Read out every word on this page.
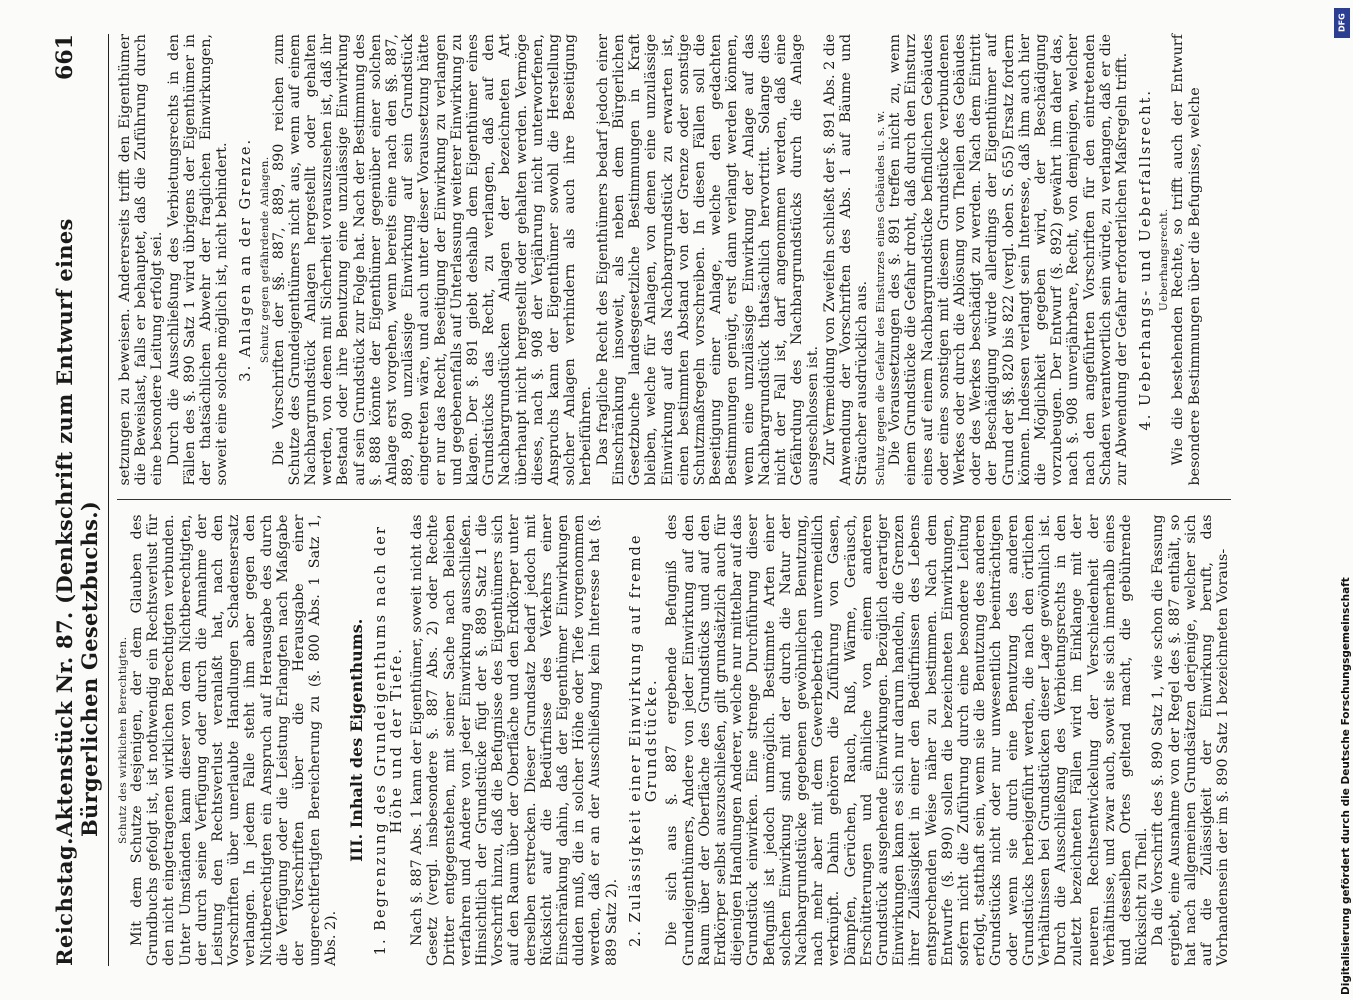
Reichstag.
Aktenstück Nr. 87. (Denkschrift zum Entwurf eines Bürgerlichen Gesetzbuchs.)
661
Schutz des wirklichen Berechtigten. Mit dem Schutze desjenigen, der dem Glauben des Grundbuchs gefolgt ist, ist nothwendig ein Rechtsverlust für den nicht eingetragenen wirklichen Berechtigten verbunden. Unter Umständen kann dieser von dem Nichtberechtigten, der durch seine Verfügung oder durch die Annahme der Leistung den Rechtsverlust veranlaßt hat, nach den Vorschriften über unerlaubte Handlungen Schadensersatz verlangen. In jedem Falle steht ihm aber gegen den Nichtberechtigten ein Anspruch auf Herausgabe des durch die Verfügung oder die Leistung Erlangten nach Maßgabe der Vorschriften über die Herausgabe einer ungerechtfertigten Bereicherung zu (§. 800 Abs. 1 Satz 1, Abs. 2).

III. Inhalt des Eigenthums. 1. Begrenzung des Grundeigenthums nach der Höhe und der Tiefe. Nach §. 887 Abs. 1 kann der Eigenthümer, soweit nicht das Gesetz (vergl. insbesondere §. 887 Abs. 2) oder Rechte Dritter entgegenstehen, mit seiner Sache nach Belieben verfahren und Andere von jeder Einwirkung ausschließen. Hinsichtlich der Grundstücke fügt der §. 889 Satz 1 die Vorschrift hinzu, daß die Befugnisse des Eigenthümers sich auf den Raum über der Oberfläche und den Erdkörper unter derselben erstrecken. Dieser Grundsatz bedarf jedoch mit Rücksicht auf die Bedürfnisse des Verkehrs einer Einschränkung dahin, daß der Eigenthümer Einwirkungen dulden muß, die in solcher Höhe oder Tiefe vorgenommen werden, daß er an der Ausschließung kein Interesse hat (§. 889 Satz 2). 2. Zulässigkeit einer Einwirkung auf fremde Grundstücke. Die sich aus §. 887 ergebende Befugniß des Grundeigenthümers, Andere von jeder Einwirkung auf den Raum über der Oberfläche des Grundstücks und auf den Erdkörper selbst auszuschließen, gilt grundsätzlich auch für diejenigen Handlungen Anderer, welche nur mittelbar auf das Grundstück einwirken. Eine strenge Durchführung dieser Befugniß ist jedoch unmöglich. Bestimmte Arten einer solchen Einwirkung sind mit der durch die Natur der Nachbargrundstücke gegebenen gewöhnlichen Benutzung, nach mehr aber mit dem Gewerbebetrieb unvermeidlich verknüpft. Dahin gehören die Zuführung von Gasen, Dämpfen, Gerüchen, Rauch, Ruß, Wärme, Geräusch, Erschütterungen und ähnliche von einem anderen Grundstück ausgehende Einwirkungen. Bezüglich derartiger Einwirkungen kann es sich nur darum handeln, die Grenzen ihrer Zulässigkeit in einer den Bedürfnissen des Lebens entsprechenden Weise näher zu bestimmen. Nach dem Entwurfe (§. 890) sollen die bezeichneten Einwirkungen, sofern nicht die Zuführung durch eine besondere Leitung erfolgt, statthaft sein, wenn sie die Benutzung des anderen Grundstücks nicht oder nur unwesentlich beeinträchtigen oder wenn sie durch eine Benutzung des anderen Grundstücks herbeigeführt werden, die nach den örtlichen Verhältnissen bei Grundstücken dieser Lage gewöhnlich ist. Durch die Ausschließung des Verbietungsrechts in den zuletzt bezeichneten Fällen wird im Einklange mit der neueren Rechtsentwickelung der Verschiedenheit der Verhältnisse, und zwar auch, soweit sie sich innerhalb eines und desselben Ortes geltend macht, die gebührende Rücksicht zu Theil. Da die Vorschrift des §. 890 Satz 1, wie schon die Fassung ergiebt, eine Ausnahme von der Regel des §. 887 enthält, so hat nach allgemeinen Grundsätzen derjenige, welcher sich auf die Zulässigkeit der Einwirkung beruft, das Vorhandensein der im §. 890 Satz 1 bezeichneten Voraus-

setzungen zu beweisen. Andererseits trifft den Eigenthümer die Beweislast, falls er behauptet, daß die Zuführung durch eine besondere Leitung erfolgt sei. Durch die Ausschließung des Verbietungsrechts in den Fällen des §. 890 Satz 1 wird übrigens der Eigenthümer in der thatsächlichen Abwehr der fraglichen Einwirkungen, soweit eine solche möglich ist, nicht behindert. 3. Anlagen an der Grenze. Schutz gegen gefährdende Anlagen. Die Vorschriften der §§. 887, 889, 890 reichen zum Schutze des Grundeigenthümers nicht aus, wenn auf einem Nachbargrundstück Anlagen hergestellt oder gehalten werden, von denen mit Sicherheit vorauszusehen ist, daß ihr Bestand oder ihre Benutzung eine unzulässige Einwirkung auf sein Grundstück zur Folge hat. Nach der Bestimmung des §. 888 könnte der Eigenthümer gegenüber einer solchen Anlage erst vorgehen, wenn bereits eine nach den §§. 887, 889, 890 unzulässige Einwirkung auf sein Grundstück eingetreten wäre, und auch unter dieser Voraussetzung hätte er nur das Recht, Beseitigung der Einwirkung zu verlangen und gegebenenfalls auf Unterlassung weiterer Einwirkung zu klagen. Der §. 891 giebt deshalb dem Eigenthümer eines Grundstücks das Recht, zu verlangen, daß auf den Nachbargrundstücken Anlagen der bezeichneten Art überhaupt nicht hergestellt oder gehalten werden. Vermöge dieses, nach §. 908 der Verjährung nicht unterworfenen, Anspruchs kann der Eigenthümer sowohl die Herstellung solcher Anlagen verhindern als auch ihre Beseitigung herbeiführen. Das fragliche Recht des Eigenthümers bedarf jedoch einer Einschränkung insoweit, als neben dem Bürgerlichen Gesetzbuche landesgesetzliche Bestimmungen in Kraft bleiben, welche für Anlagen, von denen eine unzulässige Einwirkung auf das Nachbargrundstück zu erwarten ist, einen bestimmten Abstand von der Grenze oder sonstige Schutzmaßregeln vorschreiben. In diesen Fällen soll die Beseitigung einer Anlage, welche den gedachten Bestimmungen genügt, erst dann verlangt werden können, wenn eine unzulässige Einwirkung der Anlage auf das Nachbargrundstück thatsächlich hervortritt. Solange dies nicht der Fall ist, darf angenommen werden, daß eine Gefährdung des Nachbargrundstücks durch die Anlage ausgeschlossen ist. Zur Vermeidung von Zweifeln schließt der §. 891 Abs. 2 die Anwendung der Vorschriften des Abs. 1 auf Bäume und Sträucher ausdrücklich aus. Schutz gegen die Gefahr des Einsturzes eines Gebäudes u. s. w. Die Voraussetzungen des §. 891 treffen nicht zu, wenn einem Grundstücke die Gefahr droht, daß durch den Einsturz eines auf einem Nachbargrundstücke befindlichen Gebäudes oder eines sonstigen mit diesem Grundstücke verbundenen Werkes oder durch die Ablösung von Theilen des Gebäudes oder des Werkes beschädigt zu werden. Nach dem Eintritt der Beschädigung würde allerdings der Eigenthümer auf Grund der §§. 820 bis 822 (vergl. oben S. 655) Ersatz fordern können. Indessen verlangt sein Interesse, daß ihm auch hier die Möglichkeit gegeben wird, der Beschädigung vorzubeugen. Der Entwurf (§. 892) gewährt ihm daher das, nach §. 908 unverjährbare, Recht, von demjenigen, welcher nach den angeführten Vorschriften für den eintretenden Schaden verantwortlich sein würde, zu verlangen, daß er die zur Abwendung der Gefahr erforderlichen Maßregeln trifft. 4. Ueberhangs- und Ueberfallsrecht. Ueberhangsrecht. Wie die bestehenden Rechte, so trifft auch der Entwurf besondere Bestimmungen über die Befugnisse, welche

DFG
Digitalisierung gefördert durch die Deutsche Forschungsgemeinschaft
